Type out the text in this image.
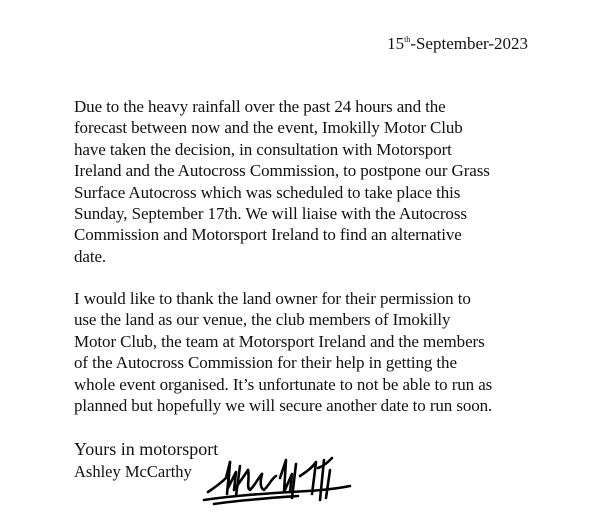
15th-September-2023

Due to the heavy rainfall over the past 24 hours and the
forecast between now and the event, Imokilly Motor Club
have taken the decision, in consultation with Motorsport
Ireland and the Autocross Commission, to postpone our Grass
Surface Autocross which was scheduled to take place this
Sunday, September 17th. We will liaise with the Autocross
Commission and Motorsport Ireland to find an alternative
date.

I would like to thank the land owner for their permission to
use the land as our venue, the club members of Imokilly
Motor Club, the team at Motorsport Ireland and the members
of the Autocross Commission for their help in getting the
whole event organised. It’s unfortunate to not be able to run as
planned but hopefully we will secure another date to run soon.

Yours in motorsport
Ashley McCarthy
